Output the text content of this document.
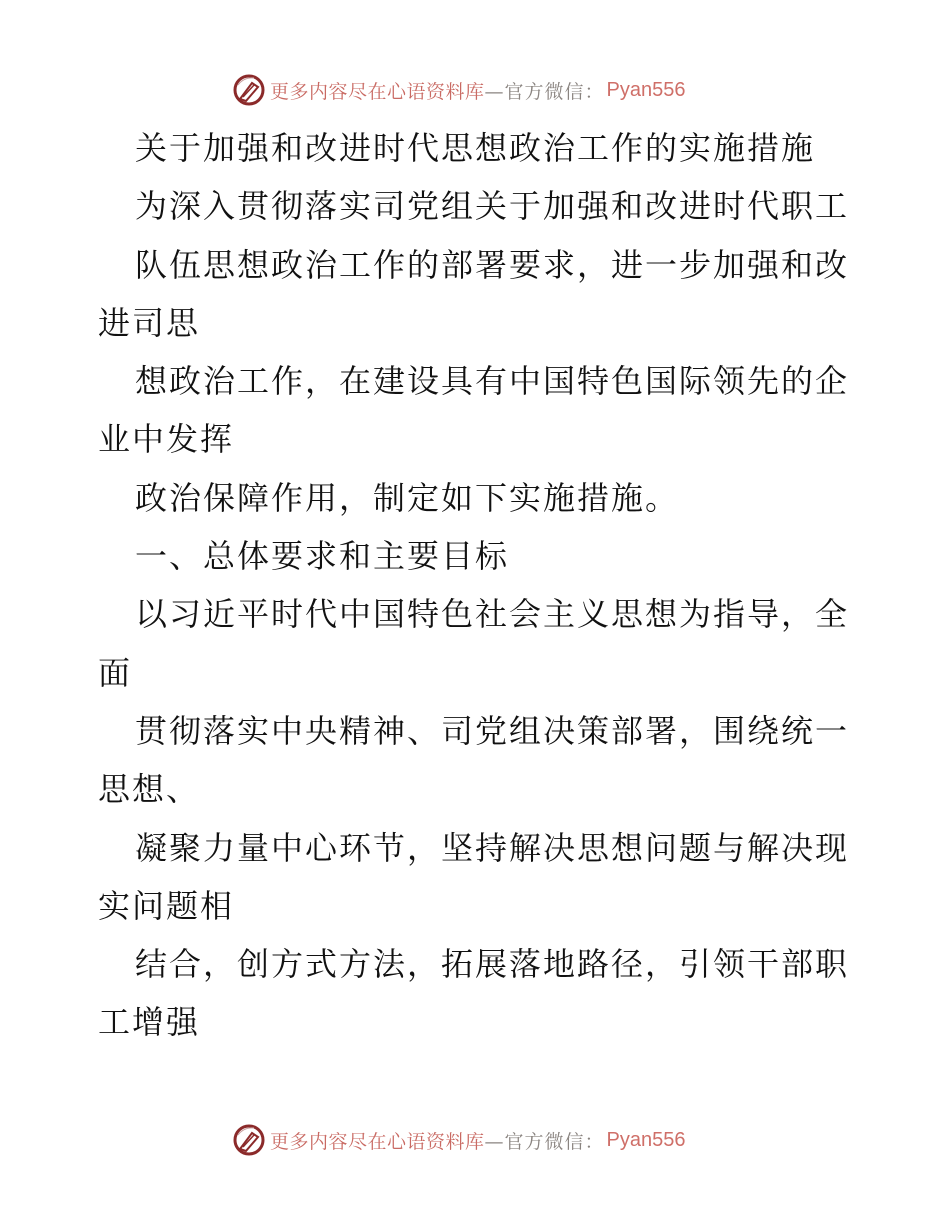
更多内容尽在心语资料库 —官方微信： Pyan556
关于加强和改进时代思想政治工作的实施措施
为深入贯彻落实司党组关于加强和改进时代职工
队伍思想政治工作的部署要求，进一步加强和改
进司思
想政治工作，在建设具有中国特色国际领先的企
业中发挥
政治保障作用，制定如下实施措施。
一、总体要求和主要目标
以习近平时代中国特色社会主义思想为指导，全
面
贯彻落实中央精神、司党组决策部署，围绕统一
思想、
凝聚力量中心环节，坚持解决思想问题与解决现
实问题相
结合，创方式方法，拓展落地路径，引领干部职
工增强
更多内容尽在心语资料库 —官方微信： Pyan556
